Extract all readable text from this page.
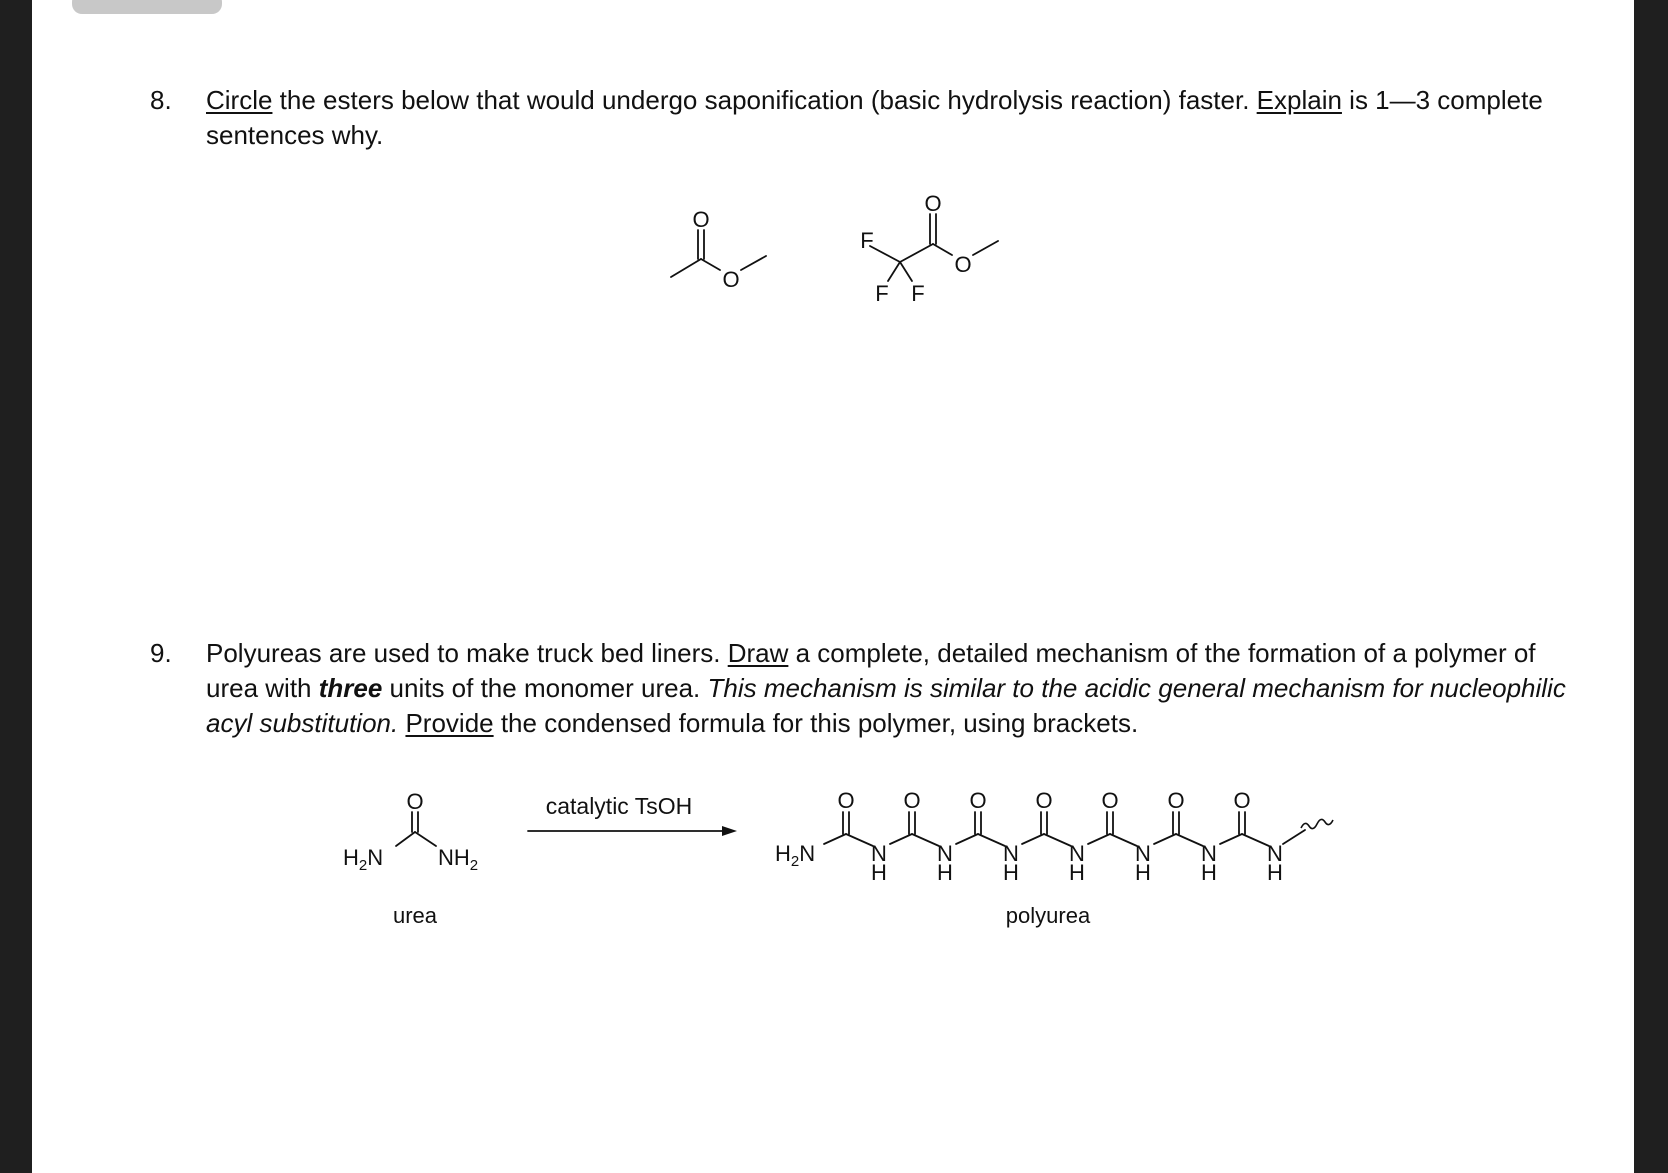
8. Circle the esters below that would undergo saponification (basic hydrolysis reaction) faster. Explain is 1—3 complete sentences why.
9. Polyureas are used to make truck bed liners. Draw a complete, detailed mechanism of the formation of a polymer of urea with three units of the monomer urea. This mechanism is similar to the acidic general mechanism for nucleophilic acyl substitution. Provide the condensed formula for this polymer, using brackets.
O
O
O
O
F
F F
O
$H_2N$ $NH_2$
urea
catalytic TsOH	O
N
H
O
N
H
O
N
H
O
N
H
O
N
H
O
N
H
O
N
H
$H_2N$
polyurea
